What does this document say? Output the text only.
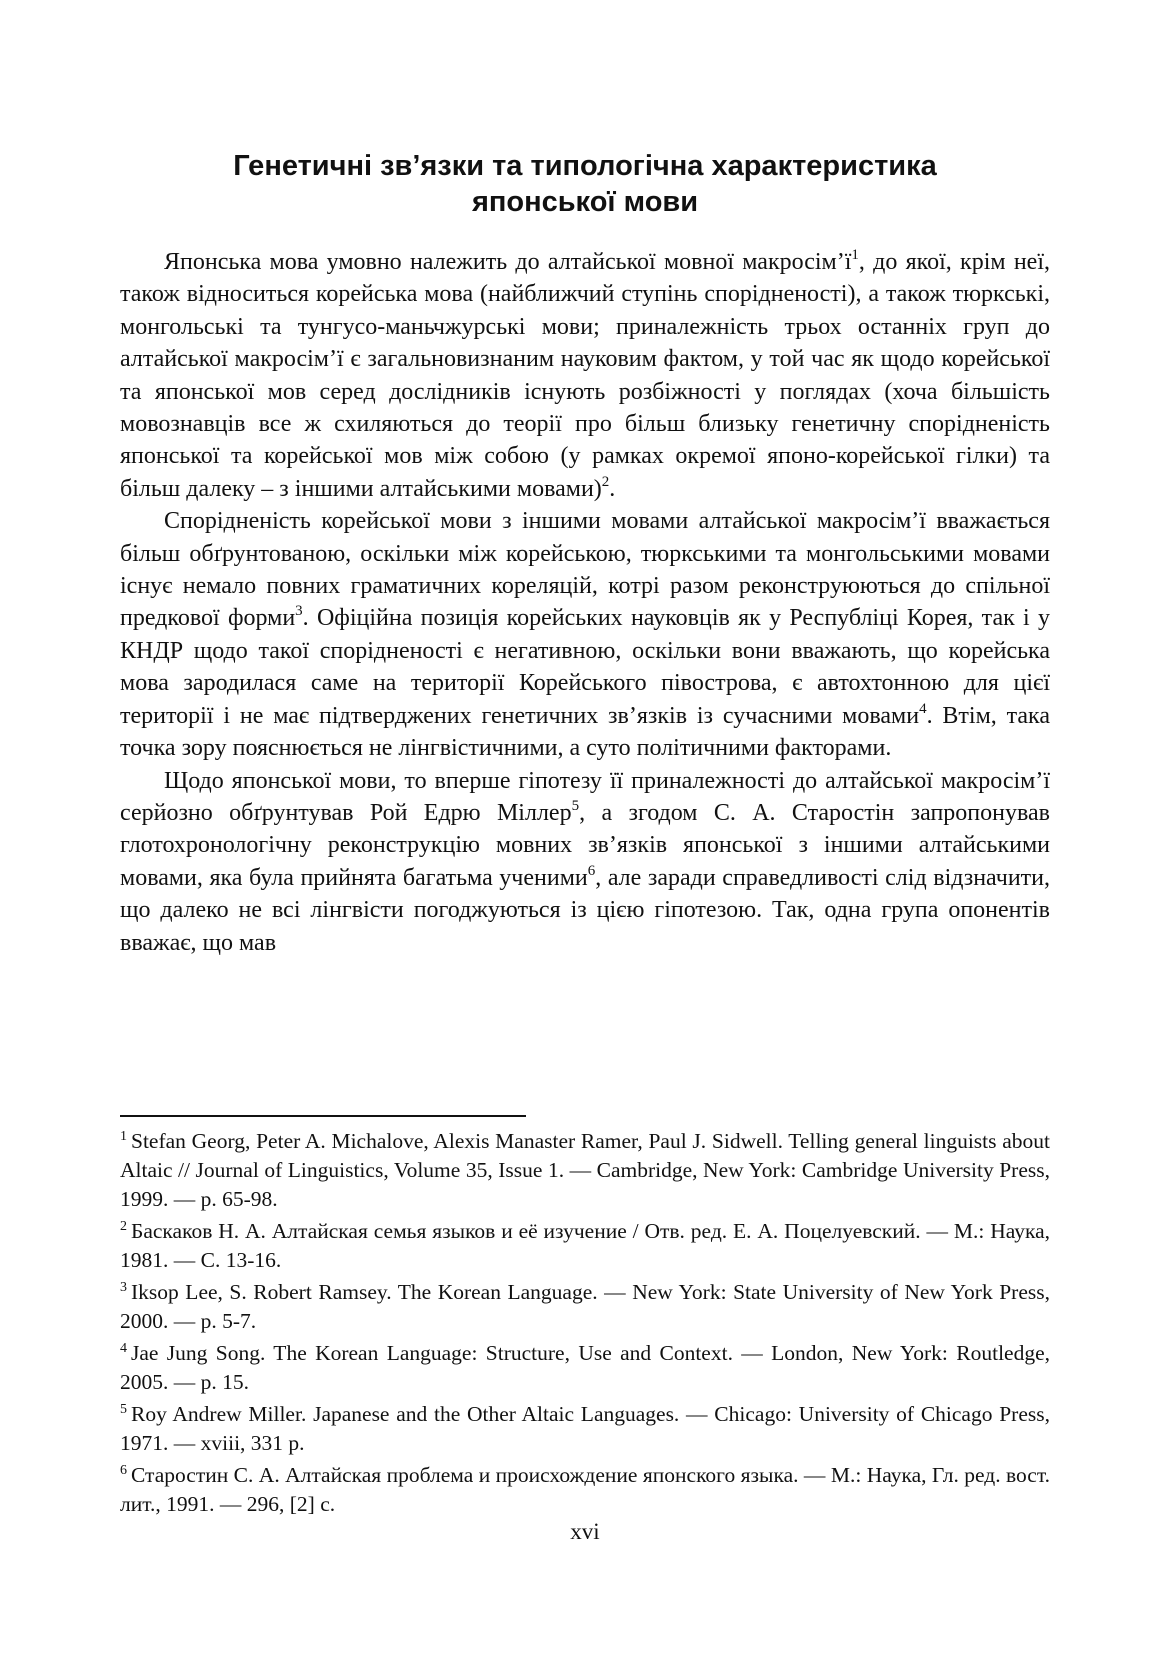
Генетичні зв’язки та типологічна характеристика
японської мови

Японська мова умовно належить до алтайської мовної $макросім’ї^1$, до якої, крім неї, також відноситься корейська мова (найближчий ступінь спорідненості), а також тюркські, монгольські та тунгусо-маньчжурські мови; приналежність трьох останніх груп до алтайської макросім’ї є загальновизнаним науковим фактом, у той час як щодо корейської та японської мов серед дослідників існують розбіжності у поглядах (хоча більшість мовознавців все ж схиляються до теорії про більш близьку генетичну спорідненість японської та корейської мов між собою (у рамках окремої японо-корейської гілки) та більш далеку – з іншими алтайськими мовами)$^2$.

Спорідненість корейської мови з іншими мовами алтайської макросім’ї вважається більш обґрунтованою, оскільки між корейською, тюркськими та монгольськими мовами існує немало повних граматичних кореляцій, котрі разом реконструюються до спільної предкової форми$^3$. Офіційна позиція корейських науковців як у Республіці Корея, так і у КНДР щодо такої спорідненості є негативною, оскільки вони вважають, що корейська мова зародилася саме на території Корейського півострова, є автохтонною для цієї території і не має підтверджених генетичних зв’язків із сучасними мовами$^4$. Втім, така точка зору пояснюється не лінгвістичними, а суто політичними факторами.

Щодо японської мови, то вперше гіпотезу її приналежності до алтайської макросім’ї серйозно обґрунтував Рой Едрю Міллер$^5$, а згодом С. А. Старостін запропонував глотохронологічну реконструкцію мовних зв’язків японської з іншими алтайськими мовами, яка була прийнята багатьма ученими$^6$, але заради справедливості слід відзначити, що далеко не всі лінгвісти погоджуються із цією гіпотезою. Так, одна група опонентів вважає, що мав

$^1$ Stefan Georg, Peter A. Michalove, Alexis Manaster Ramer, Paul J. Sidwell. Telling general linguists about Altaic // Journal of Linguistics, Volume 35, Issue 1. — Cambridge, New York: Cambridge University Press, 1999. — p. 65-98.
$^2$ Баскаков Н. А. Алтайская семья языков и её изучение / Отв. ред. Е. А. Поцелуевский. — М.: Наука, 1981. — С. 13-16.
$^3$ Iksop Lee, S. Robert Ramsey. The Korean Language. — New York: State University of New York Press, 2000. — p. 5-7.
$^4$ Jae Jung Song. The Korean Language: Structure, Use and Context. — London, New York: Routledge, 2005. — p. 15.
$^5$ Roy Andrew Miller. Japanese and the Other Altaic Languages. — Chicago: University of Chicago Press, 1971. — xviii, 331 p.
$^6$ Старостин С. А. Алтайская проблема и происхождение японского языка. — М.: Наука, Гл. ред. вост. лит., 1991. — 296, [2] с.
xvi
